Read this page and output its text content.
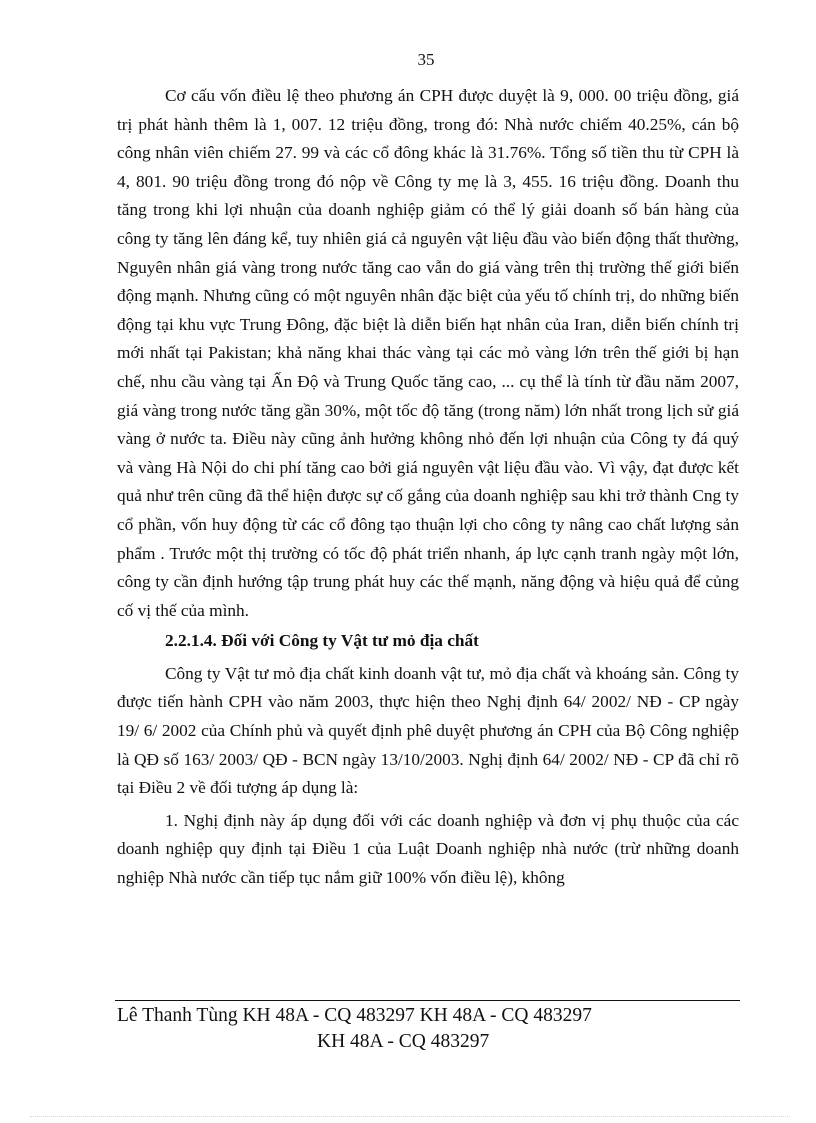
35

Cơ cấu vốn điều lệ theo phương án CPH được duyệt là 9, 000. 00 triệu đồng, giá trị phát hành thêm là 1, 007. 12 triệu đồng, trong đó: Nhà nước chiếm 40.25%, cán bộ công nhân viên chiếm 27. 99 và các cổ đông khác là 31.76%. Tổng số tiền thu từ CPH là 4, 801. 90 triệu đồng trong đó nộp về Công ty mẹ là 3, 455. 16 triệu đồng. Doanh thu tăng trong khi lợi nhuận của doanh nghiệp giảm có thể lý giải doanh số bán hàng của công ty tăng lên đáng kể, tuy nhiên giá cả nguyên vật liệu đầu vào biến động thất thường, Nguyên nhân giá vàng trong nước tăng cao vẫn do giá vàng trên thị trường thế giới biến động mạnh. Nhưng cũng có một nguyên nhân đặc biệt của yếu tố chính trị, do những biến động tại khu vực Trung Đông, đặc biệt là diễn biến hạt nhân của Iran, diễn biến chính trị mới nhất tại Pakistan; khả năng khai thác vàng tại các mỏ vàng lớn trên thế giới bị hạn chế, nhu cầu vàng tại Ấn Độ và Trung Quốc tăng cao, ... cụ thể là tính từ đầu năm 2007, giá vàng trong nước tăng gần 30%, một tốc độ tăng (trong năm) lớn nhất trong lịch sử giá vàng ở nước ta. Điều này cũng ảnh hưởng không nhỏ đến lợi nhuận của Công ty đá quý và vàng Hà Nội do chi phí tăng cao bởi giá nguyên vật liệu đầu vào. Vì vậy, đạt được kết quả như trên cũng đã thể hiện được sự cố gắng của doanh nghiệp sau khi trở thành Cng ty cổ phần, vốn huy động từ các cổ đông tạo thuận lợi cho công ty nâng cao chất lượng sản phẩm . Trước một thị trường có tốc độ phát triển nhanh, áp lực cạnh tranh ngày một lớn, công ty cần định hướng tập trung phát huy các thế mạnh, năng động và hiệu quả để củng cố vị thế của mình.

2.2.1.4. Đối với Công ty Vật tư mỏ địa chất

Công ty Vật tư mỏ địa chất kinh doanh vật tư, mỏ địa chất và khoáng sản. Công ty được tiến hành CPH vào năm 2003, thực hiện theo Nghị định 64/ 2002/ NĐ - CP ngày 19/ 6/ 2002 của Chính phủ và quyết định phê duyệt phương án CPH của Bộ Công nghiệp là QĐ số 163/ 2003/ QĐ - BCN ngày 13/10/2003. Nghị định 64/ 2002/ NĐ - CP đã chỉ rõ tại Điều 2 về đối tượng áp dụng là:

1. Nghị định này áp dụng đối với các doanh nghiệp và đơn vị phụ thuộc của các doanh nghiệp quy định tại Điều 1 của Luật Doanh nghiệp nhà nước (trừ những doanh nghiệp Nhà nước cần tiếp tục nắm giữ 100% vốn điều lệ), không

Lê Thanh Tùng KH 48A - CQ 483297 KH 48A - CQ 483297
KH 48A - CQ 483297
